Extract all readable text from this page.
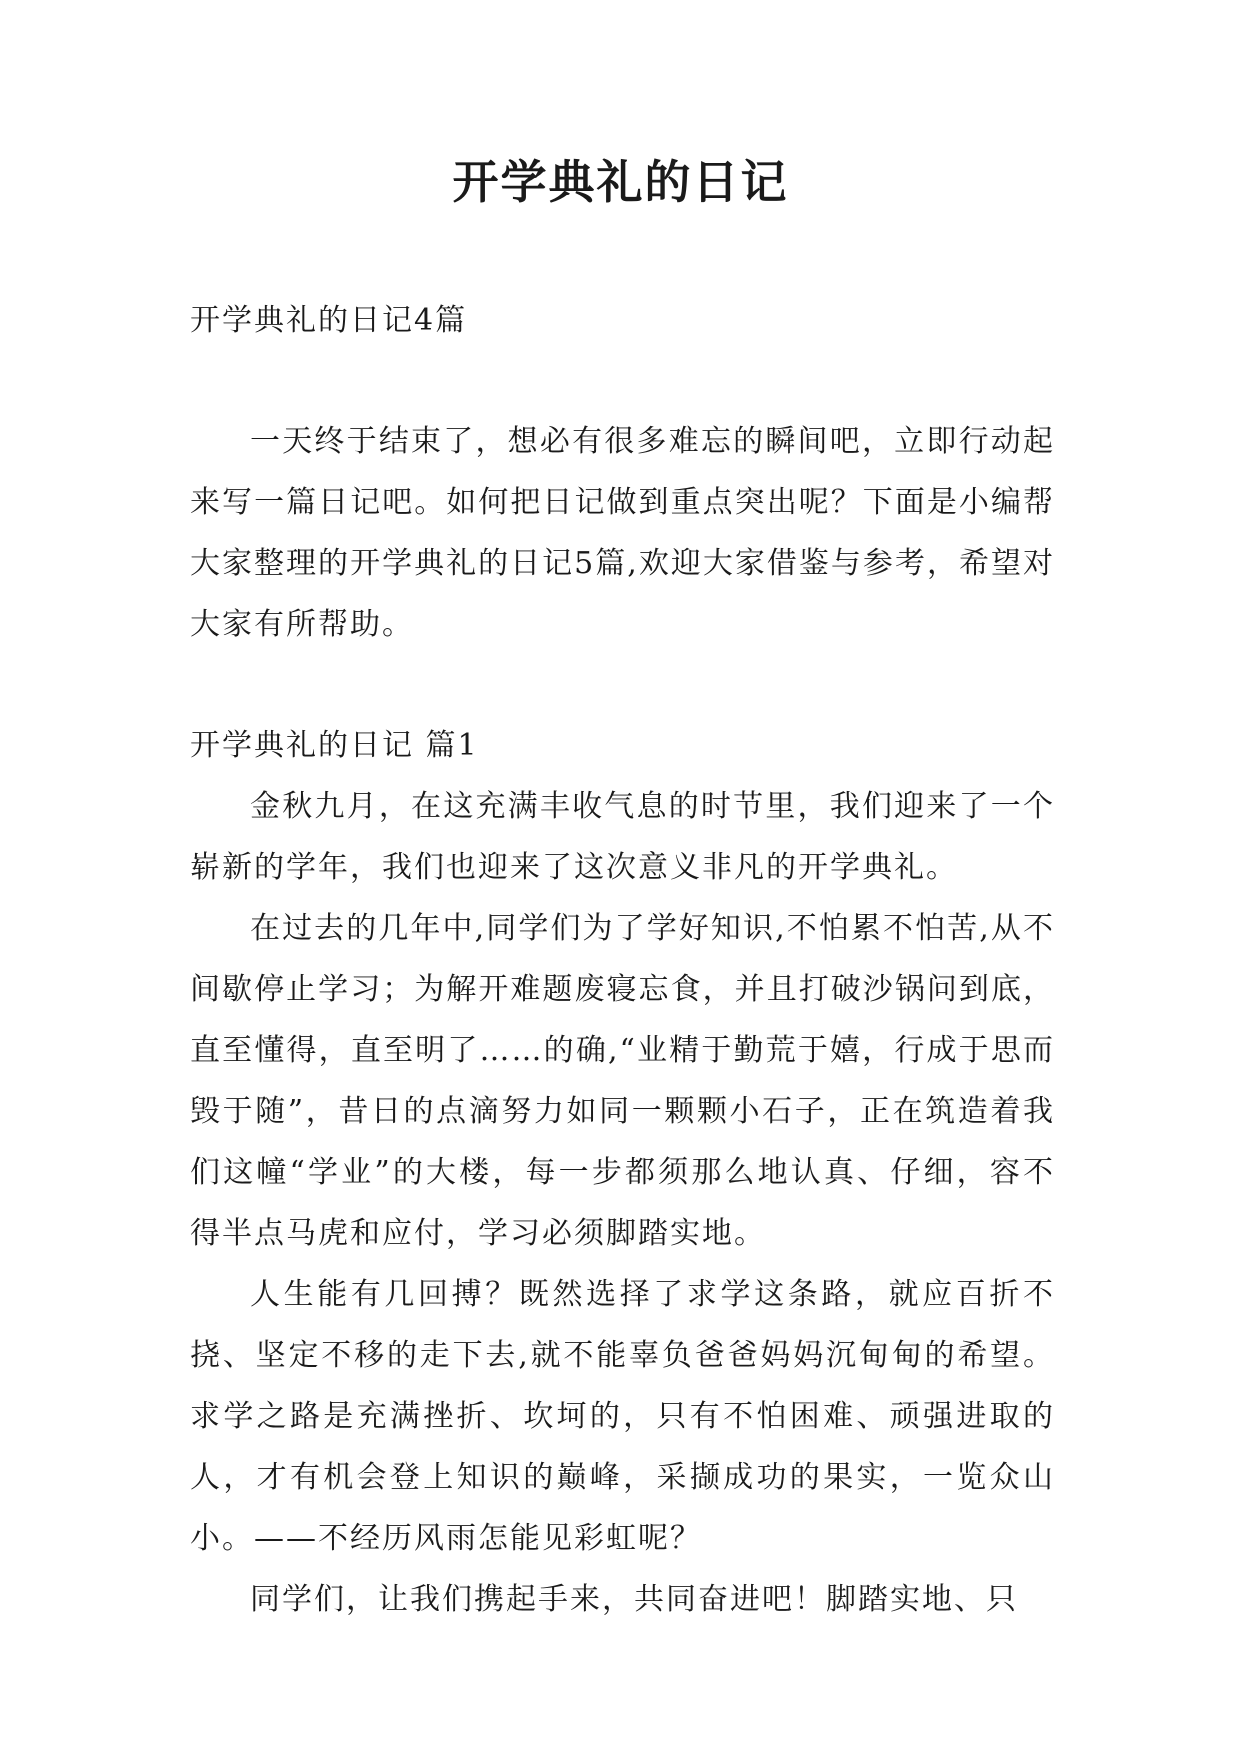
开学典礼的日记

开学典礼的日记4篇

一天终于结束了，想必有很多难忘的瞬间吧，立即行动起来写一篇日记吧。如何把日记做到重点突出呢？下面是小编帮大家整理的开学典礼的日记5篇,欢迎大家借鉴与参考，希望对大家有所帮助。

开学典礼的日记 篇1

金秋九月，在这充满丰收气息的时节里，我们迎来了一个崭新的学年，我们也迎来了这次意义非凡的开学典礼。

在过去的几年中,同学们为了学好知识,不怕累不怕苦,从不间歇停止学习；为解开难题废寝忘食，并且打破沙锅问到底，直至懂得，直至明了……的确,“业精于勤荒于嬉，行成于思而毁于随”，昔日的点滴努力如同一颗颗小石子，正在筑造着我们这幢“学业”的大楼，每一步都须那么地认真、仔细，容不得半点马虎和应付，学习必须脚踏实地。

人生能有几回搏？既然选择了求学这条路，就应百折不挠、坚定不移的走下去,就不能辜负爸爸妈妈沉甸甸的希望。求学之路是充满挫折、坎坷的，只有不怕困难、顽强进取的人，才有机会登上知识的巅峰，采撷成功的果实，一览众山小。——不经历风雨怎能见彩虹呢？

同学们，让我们携起手来，共同奋进吧！脚踏实地、只
